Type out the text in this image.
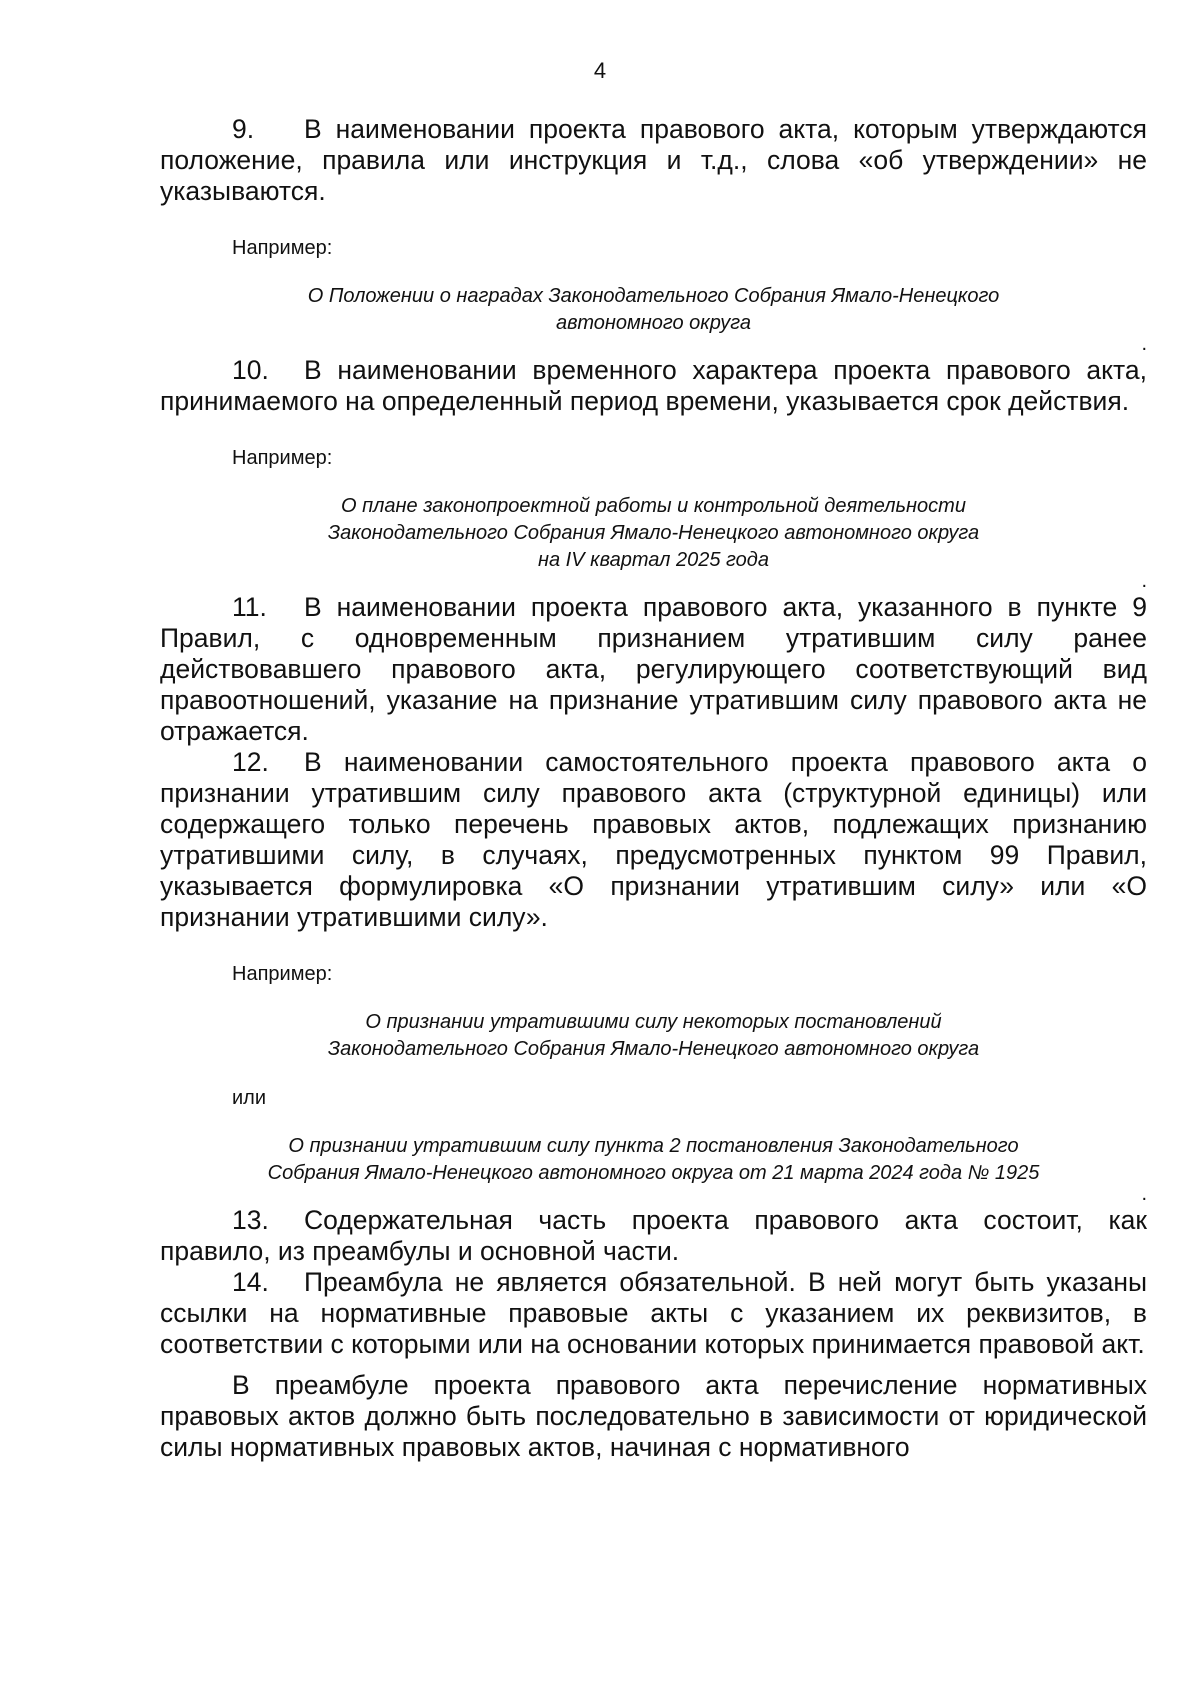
4

9. В наименовании проекта правового акта, которым утверждаются положение, правила или инструкция и т.д., слова «об утверждении» не указываются.

Например:

О Положении о наградах Законодательного Собрания Ямало-Ненецкого
автономного округа

.

10. В наименовании временного характера проекта правового акта, принимаемого на определенный период времени, указывается срок действия.

Например:

О плане законопроектной работы и контрольной деятельности
Законодательного Собрания Ямало-Ненецкого автономного округа
на IV квартал 2025 года

.

11. В наименовании проекта правового акта, указанного в пункте 9 Правил, с одновременным признанием утратившим силу ранее действовавшего правового акта, регулирующего соответствующий вид правоотношений, указание на признание утратившим силу правового акта не отражается.

12. В наименовании самостоятельного проекта правового акта о признании утратившим силу правового акта (структурной единицы) или содержащего только перечень правовых актов, подлежащих признанию утратившими силу, в случаях, предусмотренных пунктом 99 Правил, указывается формулировка «О признании утратившим силу» или «О признании утратившими силу».

Например:

О признании утратившими силу некоторых постановлений
Законодательного Собрания Ямало-Ненецкого автономного округа

или

О признании утратившим силу пункта 2 постановления Законодательного
Собрания Ямало-Ненецкого автономного округа от 21 марта 2024 года № 1925

.

13. Содержательная часть проекта правового акта состоит, как правило, из преамбулы и основной части.

14. Преамбула не является обязательной. В ней могут быть указаны ссылки на нормативные правовые акты с указанием их реквизитов, в соответствии с которыми или на основании которых принимается правовой акт.

В преамбуле проекта правового акта перечисление нормативных правовых актов должно быть последовательно в зависимости от юридической силы нормативных правовых актов, начиная с нормативного
